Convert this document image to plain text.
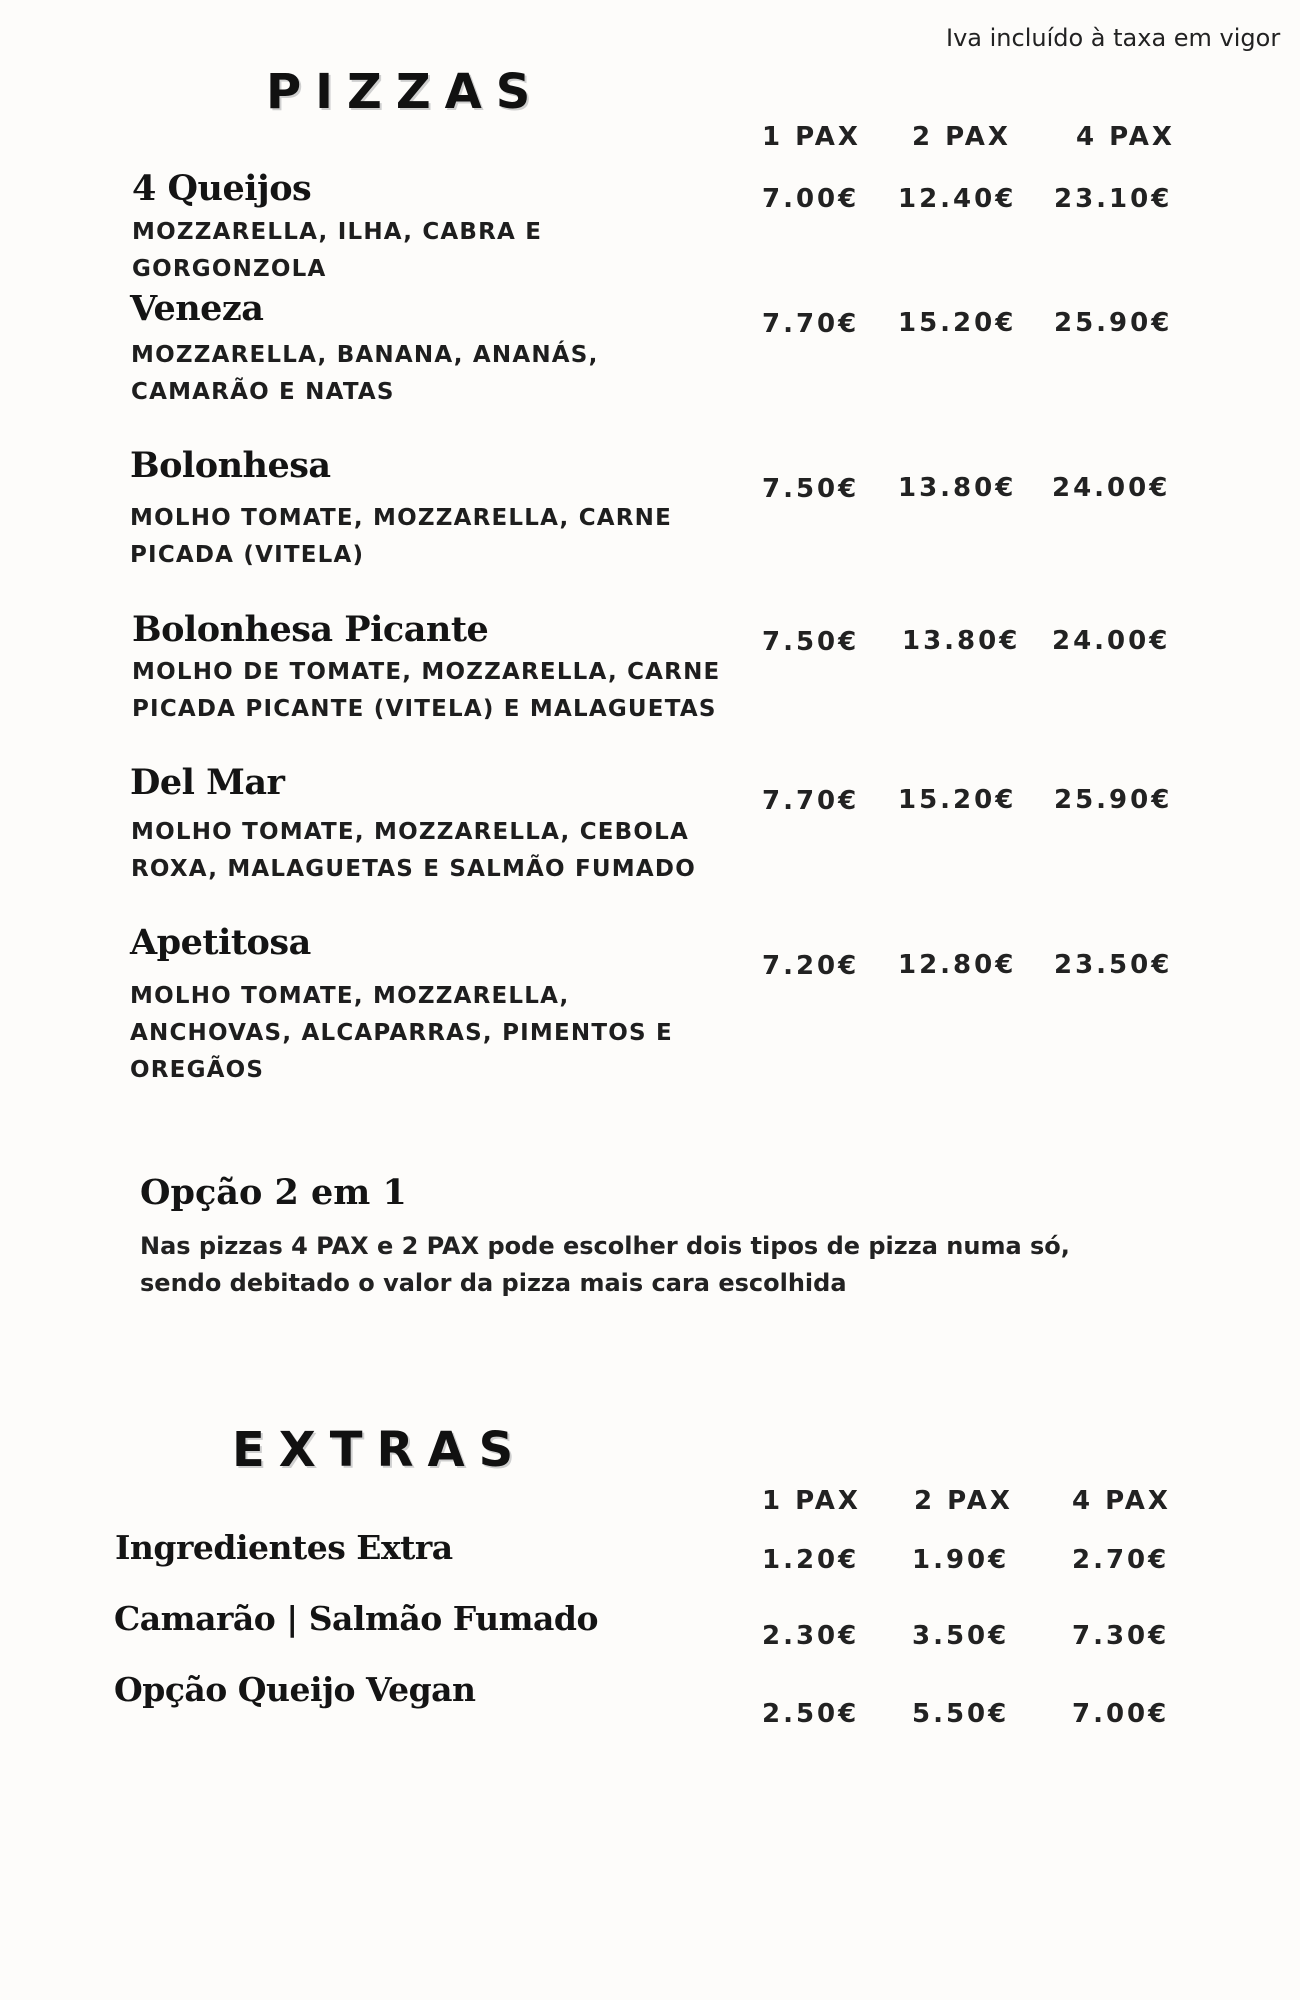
Iva incluído à taxa em vigor
PIZZAS
1 PAX 2 PAX	4 PAX
4 Queijos
MOZZARELLA, ILHA, CABRA E GORGONZOLA
7.00€ 12.40€ 23.10€
Veneza
MOZZARELLA, BANANA, ANANÁS, CAMARÃO E NATAS
7.70€ 15.20€ 25.90€
Bolonhesa
MOLHO TOMATE, MOZZARELLA, CARNE PICADA (VITELA)
7.50€ 13.80€ 24.00€
Bolonhesa Picante
MOLHO DE TOMATE, MOZZARELLA, CARNE PICADA PICANTE (VITELA) E MALAGUETAS
7.50€ 13.80€ 24.00€
Del Mar
MOLHO TOMATE, MOZZARELLA, CEBOLA ROXA, MALAGUETAS E SALMÃO FUMADO
7.70€ 15.20€ 25.90€
Apetitosa
MOLHO TOMATE, MOZZARELLA, ANCHOVAS, ALCAPARRAS, PIMENTOS E OREGÃOS
7.20€ 12.80€ 23.50€
Opção 2 em 1
Nas pizzas 4 PAX e 2 PAX pode escolher dois tipos de pizza numa só, sendo debitado o valor da pizza mais cara escolhida
EXTRAS
1 PAX 2 PAX 4 PAX
Ingredientes Extra	1.20€ 1.90€ 2.70€
Camarão | Salmão Fumado	2.30€ 3.50€ 7.30€
Opção Queijo Vegan
2.50€ 5.50€ 7.00€
